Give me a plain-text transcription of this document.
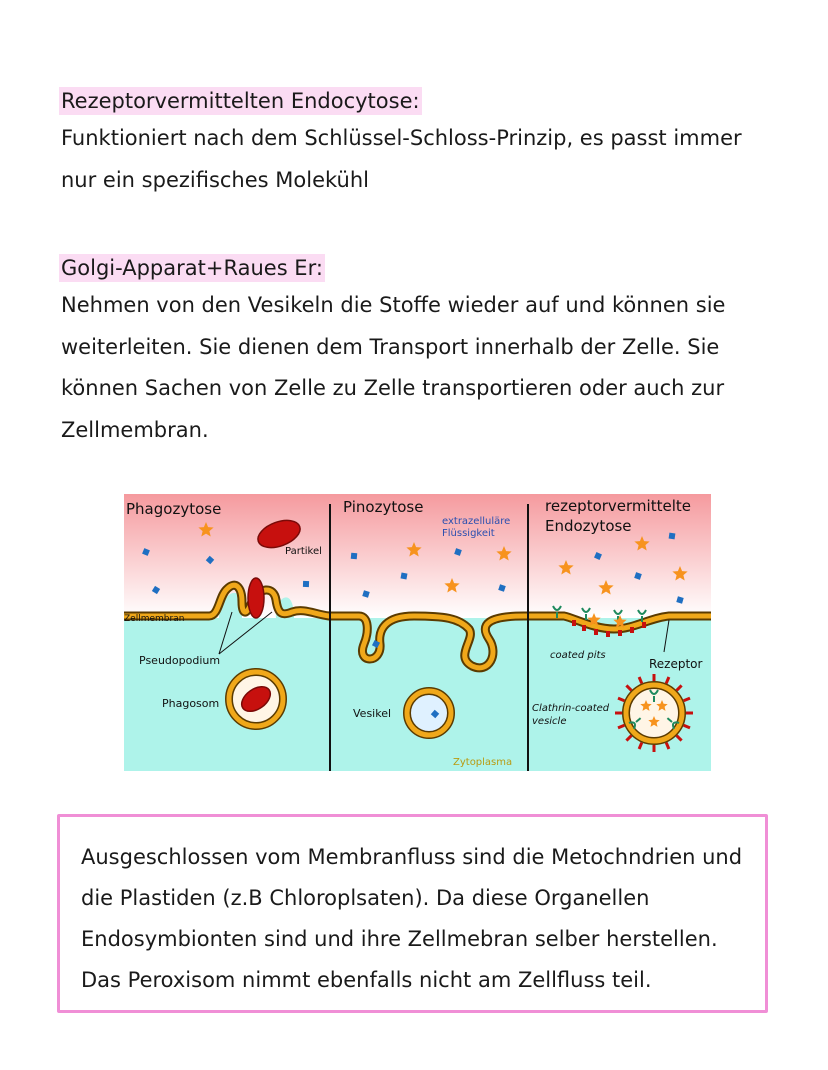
Rezeptorvermittelten Endocytose:

Funktioniert nach dem Schlüssel-Schloss-Prinzip, es passt immer nur ein spezifisches Molekühl

Golgi-Apparat+Raues Er:

Nehmen von den Vesikeln die Stoffe wieder auf und können sie weiterleiten. Sie dienen dem Transport innerhalb der Zelle. Sie können Sachen von Zelle zu Zelle transportieren oder auch zur Zellmembran.

Phagozytose	Pinozytose	rezeptorvermittelte
Endozytose
Partikel
Zellmembran
Pseudopodium
Phagosom
extrazelluläre
Flüssigkeit
Vesikel
Zytoplasma
coated pits
Rezeptor
Clathrin-coated
vesicle

Ausgeschlossen vom Membranfluss sind die Metochndrien und die Plastiden (z.B Chloroplsaten). Da diese Organellen Endosymbionten sind und ihre Zellmebran selber herstellen. Das Peroxisom nimmt ebenfalls nicht am Zellfluss teil.
